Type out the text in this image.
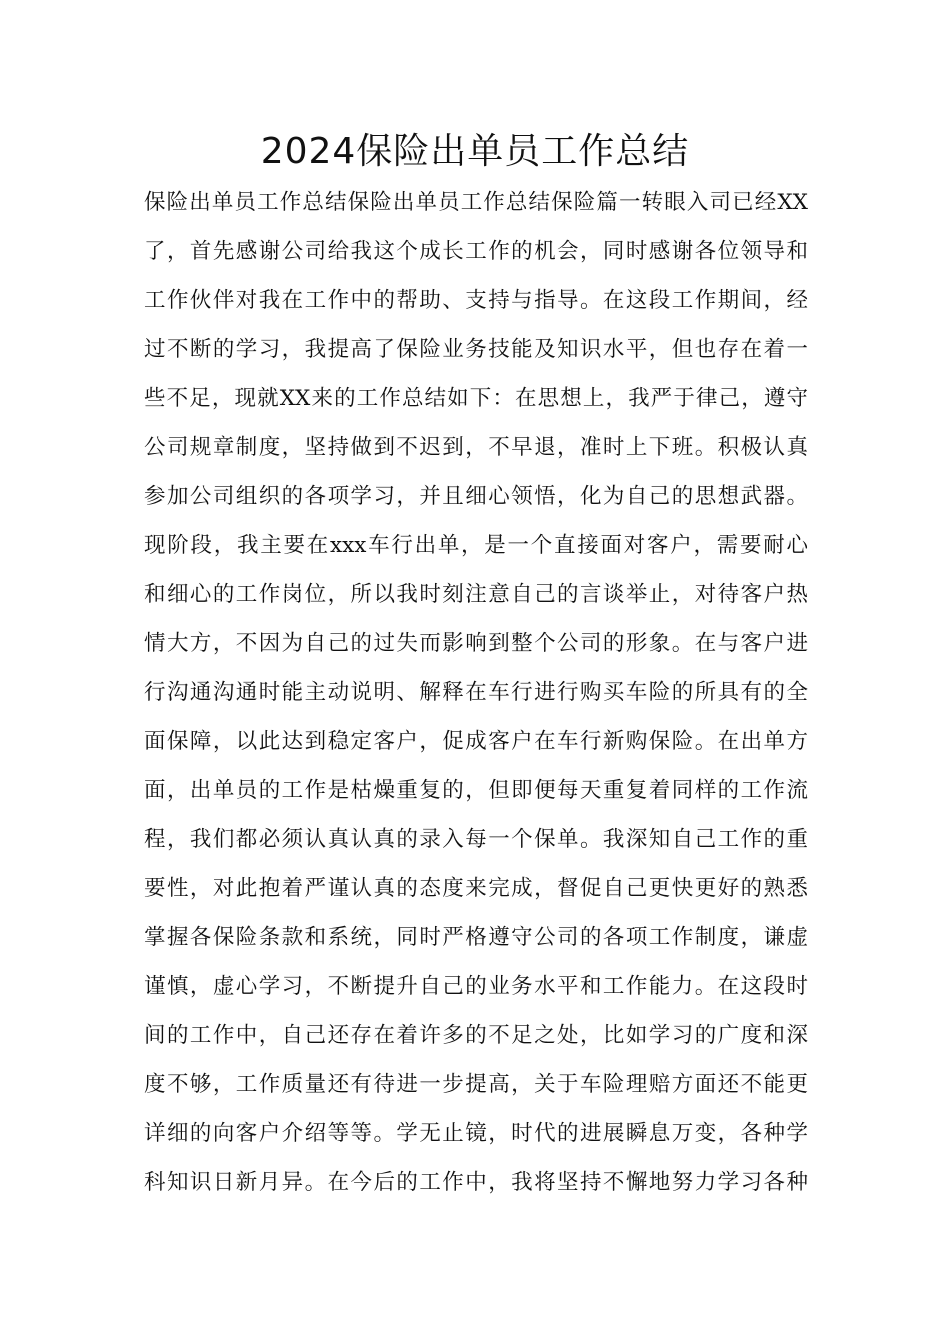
2024保险出单员工作总结
保险出单员工作总结保险出单员工作总结保险篇一转眼入司已经XX
了，首先感谢公司给我这个成长工作的机会，同时感谢各位领导和
工作伙伴对我在工作中的帮助、支持与指导。在这段工作期间，经
过不断的学习，我提高了保险业务技能及知识水平，但也存在着一
些不足，现就XX来的工作总结如下：在思想上，我严于律己，遵守
公司规章制度，坚持做到不迟到，不早退，准时上下班。积极认真
参加公司组织的各项学习，并且细心领悟，化为自己的思想武器。
现阶段，我主要在xxx车行出单，是一个直接面对客户，需要耐心
和细心的工作岗位，所以我时刻注意自己的言谈举止，对待客户热
情大方，不因为自己的过失而影响到整个公司的形象。在与客户进
行沟通沟通时能主动说明、解释在车行进行购买车险的所具有的全
面保障，以此达到稳定客户，促成客户在车行新购保险。在出单方
面，出单员的工作是枯燥重复的，但即便每天重复着同样的工作流
程，我们都必须认真认真的录入每一个保单。我深知自己工作的重
要性，对此抱着严谨认真的态度来完成，督促自己更快更好的熟悉
掌握各保险条款和系统，同时严格遵守公司的各项工作制度，谦虚
谨慎，虚心学习，不断提升自己的业务水平和工作能力。在这段时
间的工作中，自己还存在着许多的不足之处，比如学习的广度和深
度不够，工作质量还有待进一步提高，关于车险理赔方面还不能更
详细的向客户介绍等等。学无止镜，时代的进展瞬息万变，各种学
科知识日新月异。在今后的工作中，我将坚持不懈地努力学习各种
